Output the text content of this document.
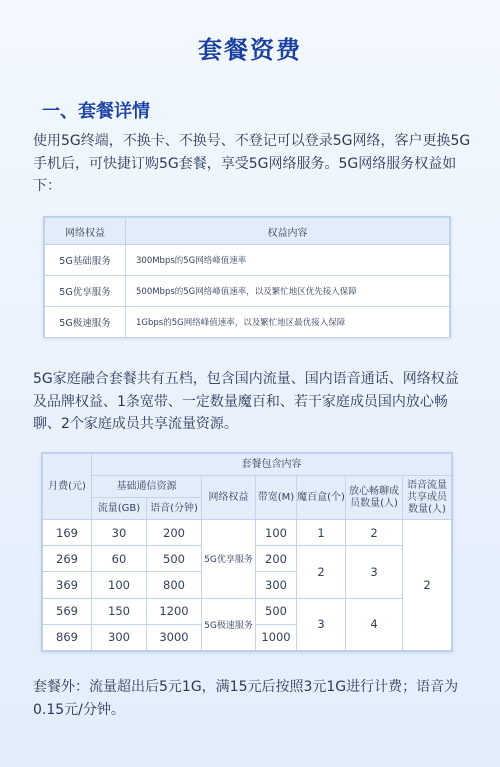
套餐资费
一、套餐详情
使用5G终端，不换卡、不换号、不登记可以登录5G网络，客户更换5G手机后，可快捷订购5G套餐，享受5G网络服务。5G网络服务权益如下：
网络权益	权益内容
5G基础服务	300Mbps的5G网络峰值速率
5G优享服务	500Mbps的5G网络峰值速率，以及繁忙地区优先接入保障
5G极速服务	1Gbps的5G网络峰值速率，以及繁忙地区最优接入保障
5G家庭融合套餐共有五档，包含国内流量、国内语音通话、网络权益及品牌权益、1条宽带、一定数量魔百和、若干家庭成员国内放心畅聊、2个家庭成员共享流量资源。
月费(元)	套餐包含内容						
	基础通信资源		网络权益	带宽(M)	魔百盒(个)	放心畅聊成员数量(人)	语音流量共享成员数量(人)
	流量(GB)	语音(分钟)					
169	30	200	5G优享服务	100	1	2	2
269	60	500		200	2	3	
369	100	800		300			
569	150	1200	5G极速服务	500	3	4	
869	300	3000		1000			
套餐外：流量超出后5元1G，满15元后按照3元1G进行计费；语音为0.15元/分钟。
